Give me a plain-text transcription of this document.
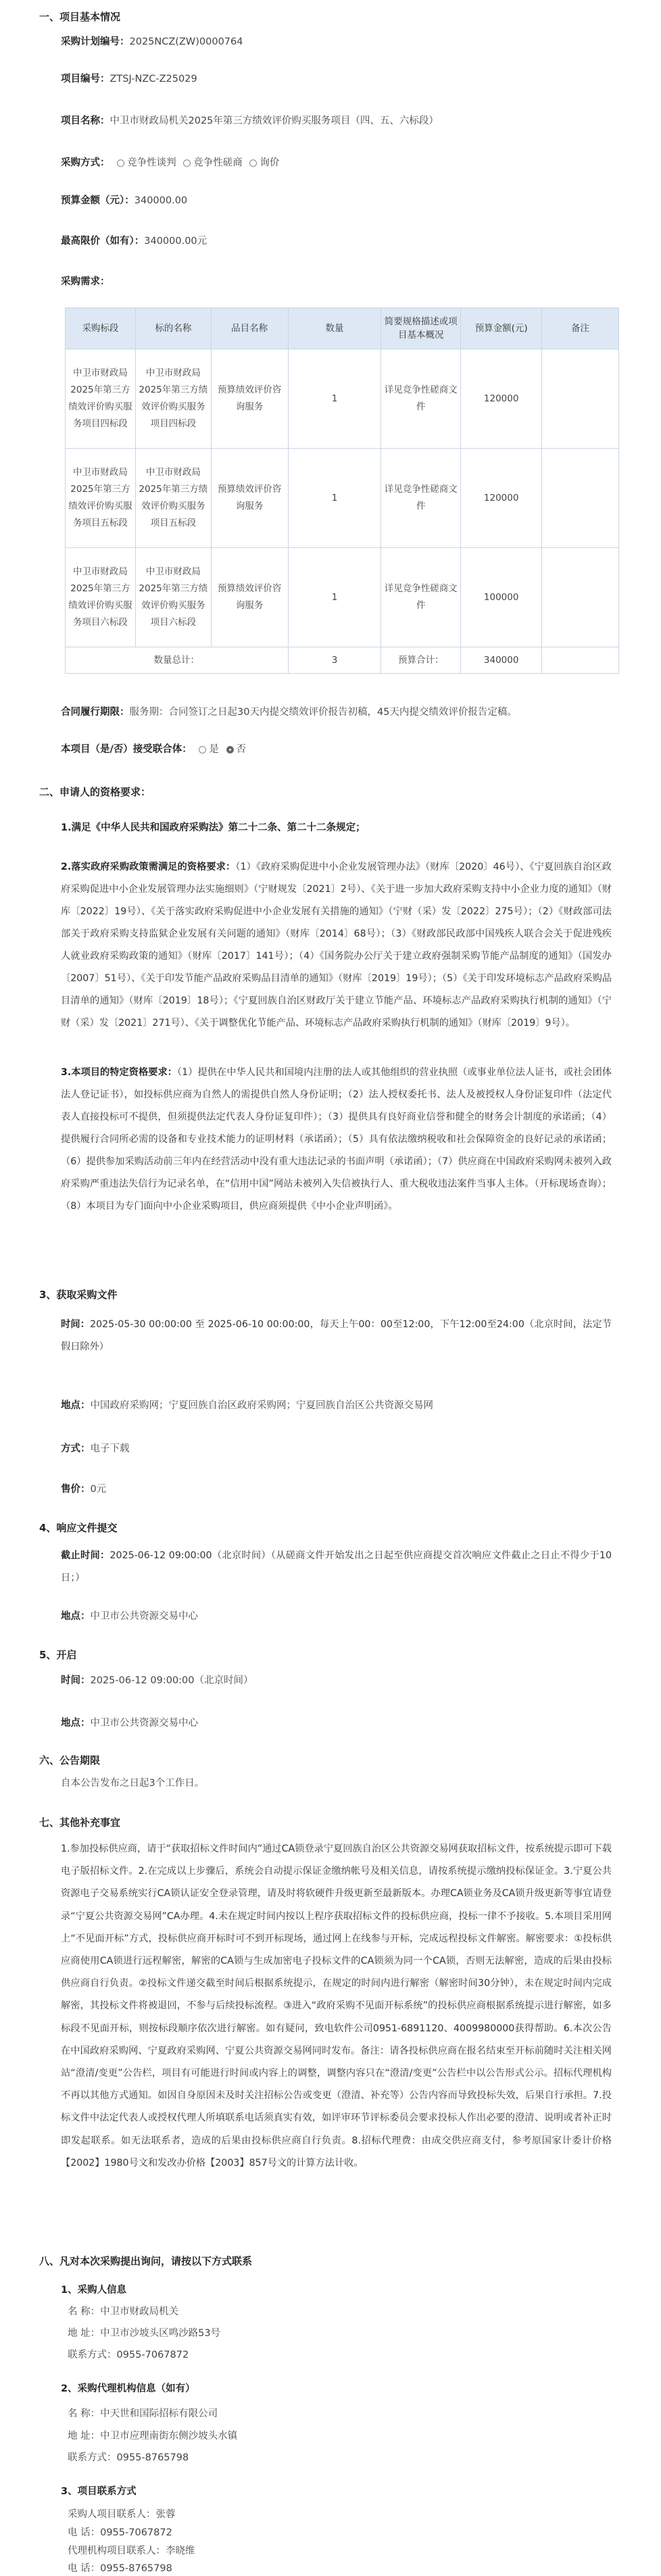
一、项目基本情况
采购计划编号：2025NCZ(ZW)0000764
项目编号：ZTSJ-NZC-Z25029
项目名称：中卫市财政局机关2025年第三方绩效评价购买服务项目（四、五、六标段）
采购方式： 竞争性谈判 竞争性磋商 询价
预算金额（元）：340000.00
最高限价（如有）：340000.00元
采购需求：
采购标段	标的名称	品目名称	数量	简要规格描述或项目基本概况	预算金额(元)	备注
中卫市财政局2025年第三方绩效评价购买服务项目四标段	中卫市财政局2025年第三方绩效评价购买服务项目四标段	预算绩效评价咨询服务	1	详见竞争性磋商文件	120000	
中卫市财政局2025年第三方绩效评价购买服务项目五标段	中卫市财政局2025年第三方绩效评价购买服务项目五标段	预算绩效评价咨询服务	1	详见竞争性磋商文件	120000	
中卫市财政局2025年第三方绩效评价购买服务项目六标段	中卫市财政局2025年第三方绩效评价购买服务项目六标段	预算绩效评价咨询服务	1	详见竞争性磋商文件	100000	
数量总计：			3	预算合计：	340000	
合同履行期限：服务期：合同签订之日起30天内提交绩效评价报告初稿，45天内提交绩效评价报告定稿。
本项目（是/否）接受联合体： 是 否
二、申请人的资格要求：
1.满足《中华人民共和国政府采购法》第二十二条、第二十二条规定；
2.落实政府采购政策需满足的资格要求：（1）《政府采购促进中小企业发展管理办法》（财库〔2020〕46号）、《宁夏回族自治区政府采购促进中小企业发展管理办法实施细则》（宁财规发〔2021〕2号）、《关于进一步加大政府采购支持中小企业力度的通知》（财库〔2022〕19号）、《关于落实政府采购促进中小企业发展有关措施的通知》（宁财（采）发〔2022〕275号）；（2）《财政部司法部关于政府采购支持监狱企业发展有关问题的通知》（财库〔2014〕68号）；（3）《财政部民政部中国残疾人联合会关于促进残疾人就业政府采购政策的通知》（财库〔2017〕141号）；（4）《国务院办公厅关于建立政府强制采购节能产品制度的通知》（国发办〔2007〕51号）、《关于印发节能产品政府采购品目清单的通知》（财库〔2019〕19号）；（5）《关于印发环境标志产品政府采购品目清单的通知》（财库〔2019〕18号）；《宁夏回族自治区财政厅关于建立节能产品、环境标志产品政府采购执行机制的通知》（宁财（采）发〔2021〕271号）、《关于调整优化节能产品、环境标志产品政府采购执行机制的通知》（财库〔2019〕9号）。
3.本项目的特定资格要求：（1）提供在中华人民共和国境内注册的法人或其他组织的营业执照（或事业单位法人证书，或社会团体法人登记证书），如投标供应商为自然人的需提供自然人身份证明；（2）法人授权委托书、法人及被授权人身份证复印件（法定代表人直接投标可不提供，但须提供法定代表人身份证复印件）；（3）提供具有良好商业信誉和健全的财务会计制度的承诺函；（4）提供履行合同所必需的设备和专业技术能力的证明材料（承诺函）；（5）具有依法缴纳税收和社会保障资金的良好记录的承诺函；（6）提供参加采购活动前三年内在经营活动中没有重大违法记录的书面声明（承诺函）；（7）供应商在中国政府采购网未被列入政府采购严重违法失信行为记录名单，在“信用中国”网站未被列入失信被执行人、重大税收违法案件当事人主体。（开标现场查询）；（8）本项目为专门面向中小企业采购项目，供应商须提供《中小企业声明函》。
3、获取采购文件
时间：2025-05-30 00:00:00 至 2025-06-10 00:00:00，每天上午00：00至12:00，下午12:00至24:00（北京时间，法定节假日除外）
地点：中国政府采购网；宁夏回族自治区政府采购网；宁夏回族自治区公共资源交易网
方式：电子下载
售价：0元
4、响应文件提交
截止时间：2025-06-12 09:00:00（北京时间）（从磋商文件开始发出之日起至供应商提交首次响应文件截止之日止不得少于10日；）
地点：中卫市公共资源交易中心
5、开启
时间：2025-06-12 09:00:00（北京时间）
地点：中卫市公共资源交易中心
六、公告期限
自本公告发布之日起3个工作日。
七、其他补充事宜
1.参加投标供应商，请于“获取招标文件时间内”通过CA锁登录宁夏回族自治区公共资源交易网获取招标文件，按系统提示即可下载电子版招标文件。2.在完成以上步骤后，系统会自动提示保证金缴纳帐号及相关信息，请按系统提示缴纳投标保证金。3.宁夏公共资源电子交易系统实行CA锁认证安全登录管理，请及时将软硬件升级更新至最新版本。办理CA锁业务及CA锁升级更新等事宜请登录“宁夏公共资源交易网”CA办理。4.未在规定时间内按以上程序获取招标文件的投标供应商，投标一律不予接收。5.本项目采用网上“不见面开标”方式，投标供应商开标时可不到开标现场，通过网上在线参与开标，完成远程投标文件解密。解密要求：①投标供应商使用CA锁进行远程解密，解密的CA锁与生成加密电子投标文件的CA锁须为同一个CA锁，否则无法解密，造成的后果由投标供应商自行负责。②投标文件递交截至时间后根据系统提示，在规定的时间内进行解密（解密时间30分钟），未在规定时间内完成解密，其投标文件将被退回，不参与后续投标流程。③进入“政府采购不见面开标系统”的投标供应商根据系统提示进行解密，如多标段不见面开标，则按标段顺序依次进行解密。如有疑问，致电软件公司0951-6891120、4009980000获得帮助。6.本次公告在中国政府采购网、宁夏政府采购网、宁夏公共资源交易网同时发布。备注：请各投标供应商在报名结束至开标前随时关注相关网站“澄清/变更”公告栏，项目有可能进行时间或内容上的调整，调整内容只在“澄清/变更”公告栏中以公告形式公示。招标代理机构不再以其他方式通知。如因自身原因未及时关注招标公告或变更（澄清、补充等）公告内容而导致投标失效，后果自行承担。7.投标文件中法定代表人或授权代理人所填联系电话须真实有效，如评审环节评标委员会要求投标人作出必要的澄清、说明或者补正时即发起联系。如无法联系者，造成的后果由投标供应商自行负责。8.招标代理费：由成交供应商支付，参考原国家计委计价格【2002】1980号文和发改办价格【2003】857号文的计算方法计收。
八、凡对本次采购提出询问，请按以下方式联系
1、采购人信息
名 称：中卫市财政局机关
地 址：中卫市沙坡头区鸣沙路53号
联系方式：0955-7067872
2、采购代理机构信息（如有）
名 称：中天世和国际招标有限公司
地 址：中卫市应理南街东侧沙坡头水镇
联系方式：0955-8765798
3、项目联系方式
采购人项目联系人：张蓉
电 话：0955-7067872
代理机构项目联系人：李晓维
电 话：0955-8765798
